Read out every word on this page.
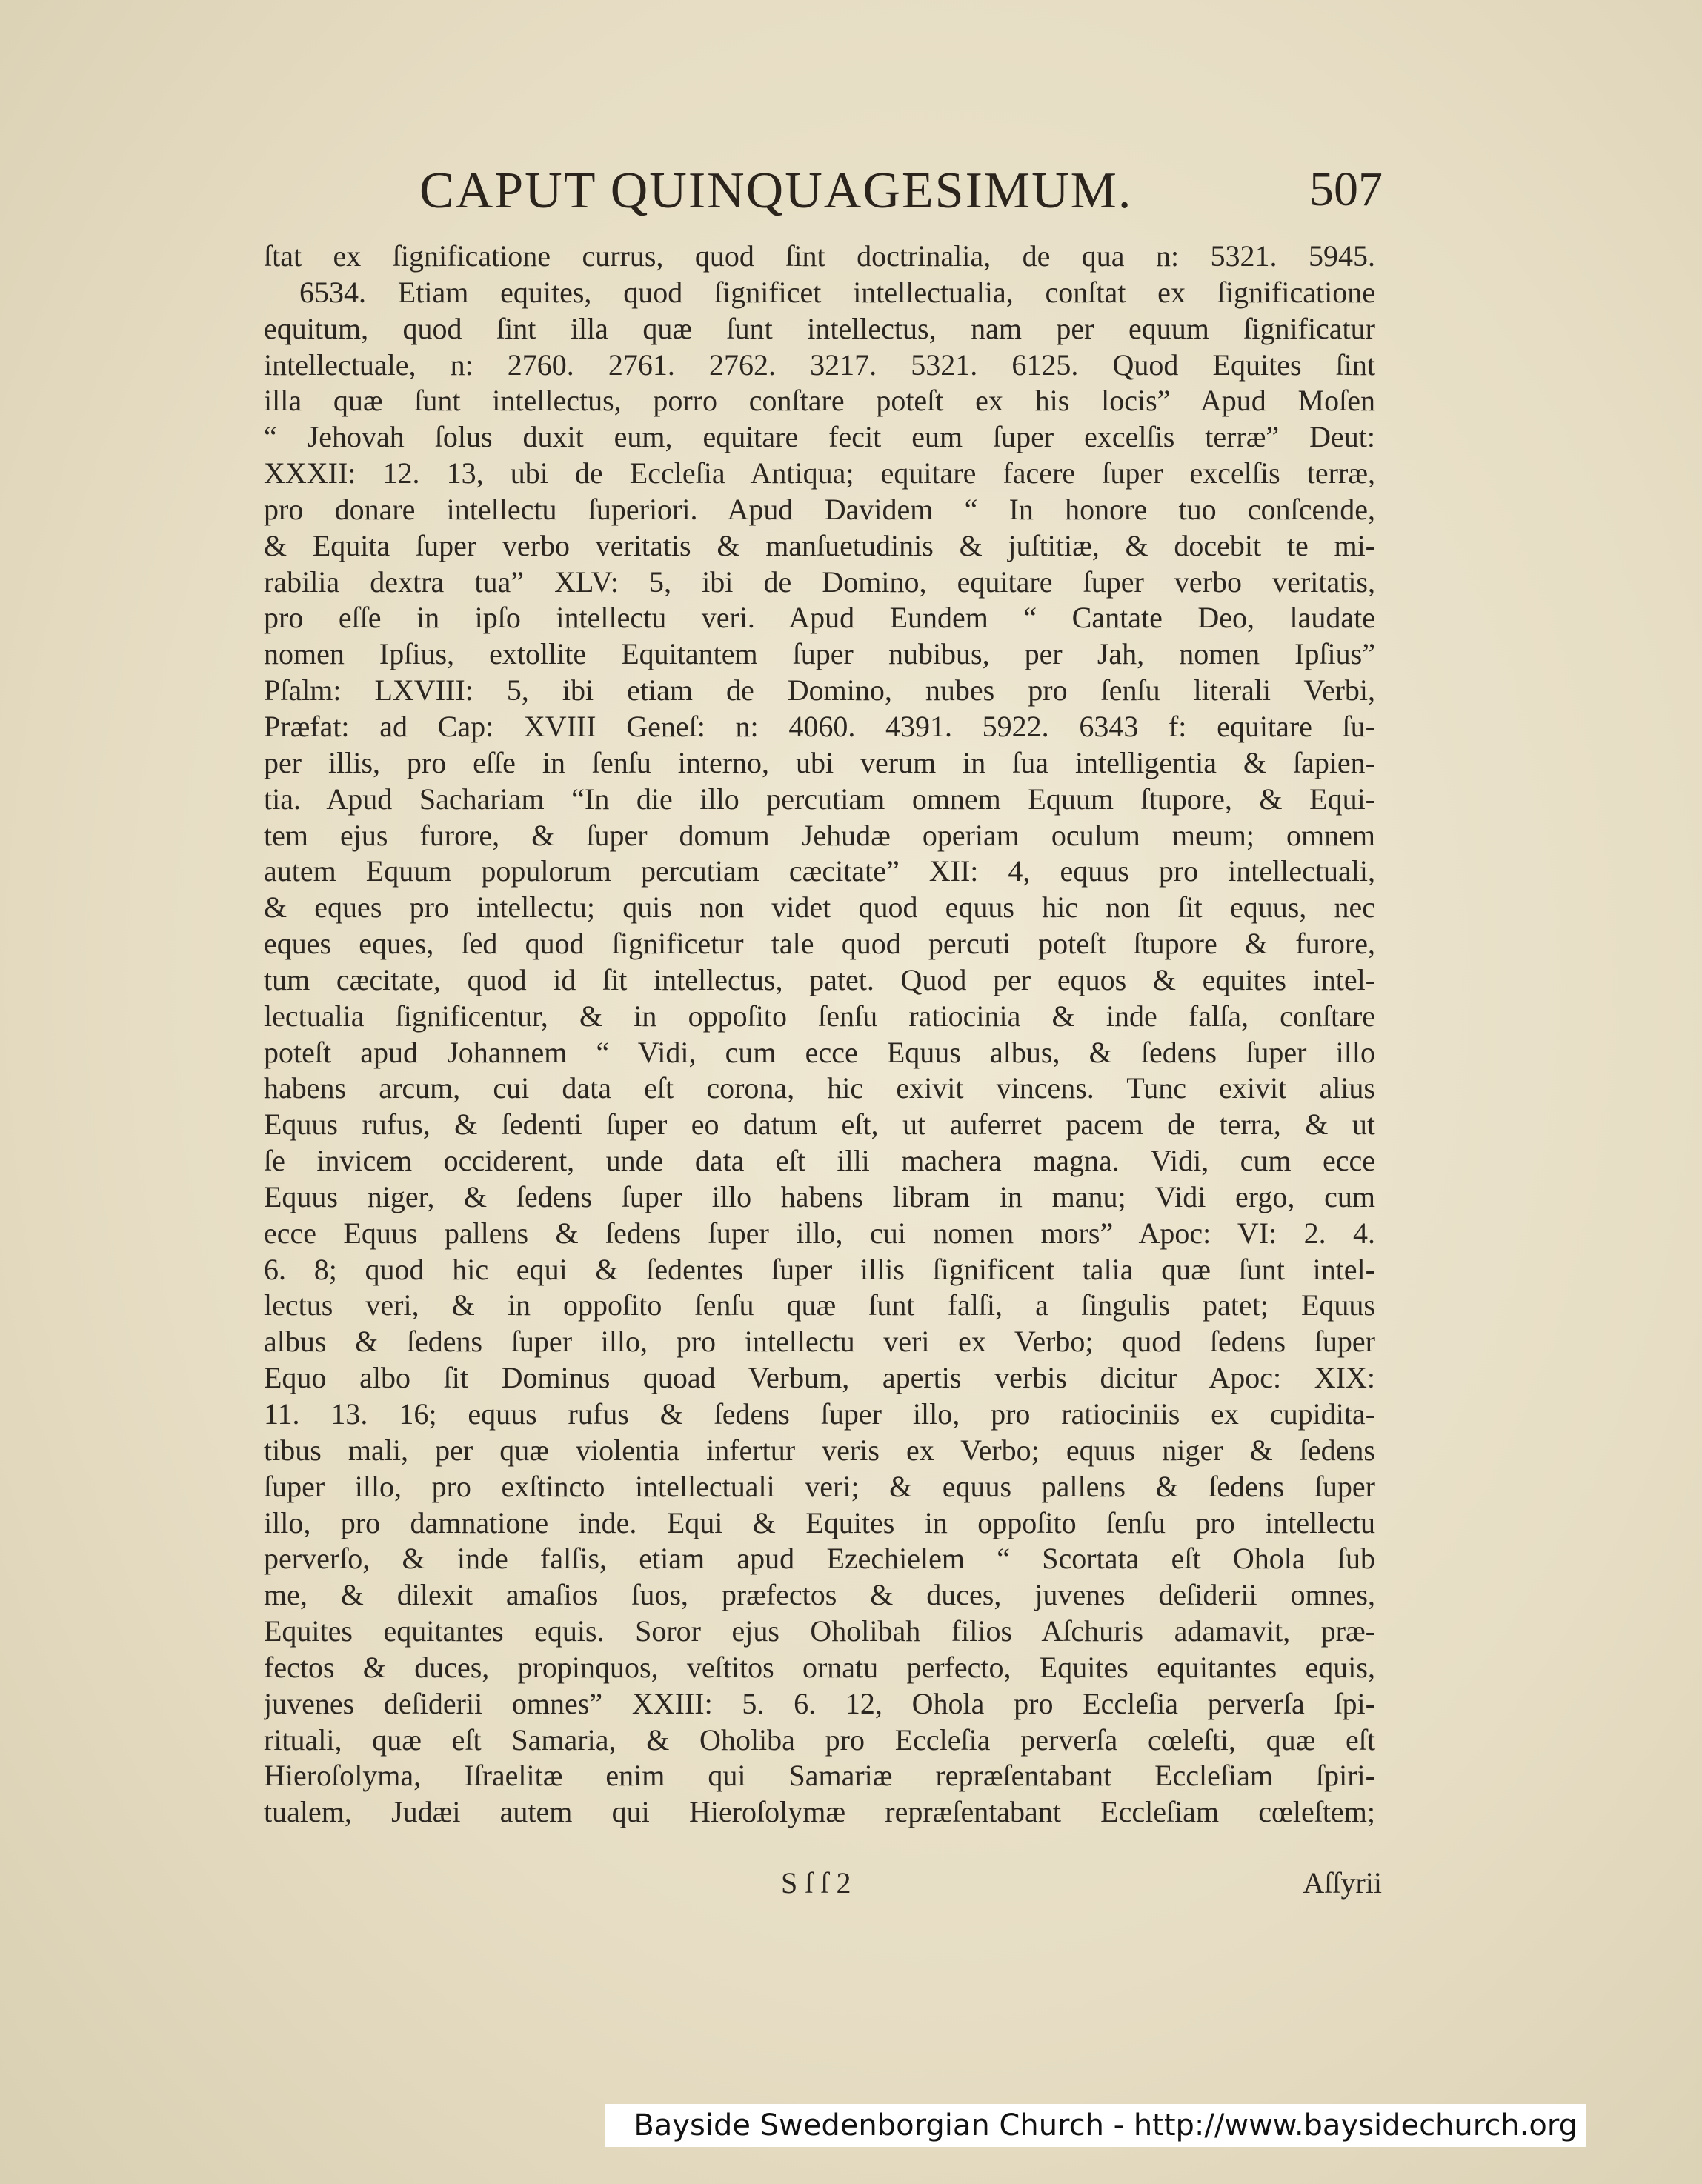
CAPUT QUINQUAGESIMUM.	507
ſtat ex ſignificatione currus, quod ſint doctrinalia, de qua n: 5321. 5945.
6534. Etiam equites, quod ſignificet intellectualia, conſtat ex ſignificatione
equitum, quod ſint illa quæ ſunt intellectus, nam per equum ſignificatur
intellectuale, n: 2760. 2761. 2762. 3217. 5321. 6125. Quod Equites ſint
illa quæ ſunt intellectus, porro conſtare poteſt ex his locis” Apud Moſen
“ Jehovah ſolus duxit eum, equitare fecit eum ſuper excelſis terræ” Deut:
XXXII: 12. 13, ubi de Eccleſia Antiqua; equitare facere ſuper excelſis terræ,
pro donare intellectu ſuperiori. Apud Davidem “ In honore tuo conſcende,
& Equita ſuper verbo veritatis & manſuetudinis & juſtitiæ, & docebit te mi-
rabilia dextra tua” XLV: 5, ibi de Domino, equitare ſuper verbo veritatis,
pro eſſe in ipſo intellectu veri. Apud Eundem “ Cantate Deo, laudate
nomen Ipſius, extollite Equitantem ſuper nubibus, per Jah, nomen Ipſius”
Pſalm: LXVIII: 5, ibi etiam de Domino, nubes pro ſenſu literali Verbi,
Præfat: ad Cap: XVIII Geneſ: n: 4060. 4391. 5922. 6343 f: equitare ſu-
per illis, pro eſſe in ſenſu interno, ubi verum in ſua intelligentia & ſapien-
tia. Apud Sachariam “In die illo percutiam omnem Equum ſtupore, & Equi-
tem ejus furore, & ſuper domum Jehudæ operiam oculum meum; omnem
autem Equum populorum percutiam cæcitate” XII: 4, equus pro intellectuali,
& eques pro intellectu; quis non videt quod equus hic non ſit equus, nec
eques eques, ſed quod ſignificetur tale quod percuti poteſt ſtupore & furore,
tum cæcitate, quod id ſit intellectus, patet. Quod per equos & equites intel-
lectualia ſignificentur, & in oppoſito ſenſu ratiocinia & inde falſa, conſtare
poteſt apud Johannem “ Vidi, cum ecce Equus albus, & ſedens ſuper illo
habens arcum, cui data eſt corona, hic exivit vincens. Tunc exivit alius
Equus rufus, & ſedenti ſuper eo datum eſt, ut auferret pacem de terra, & ut
ſe invicem occiderent, unde data eſt illi machera magna. Vidi, cum ecce
Equus niger, & ſedens ſuper illo habens libram in manu; Vidi ergo, cum
ecce Equus pallens & ſedens ſuper illo, cui nomen mors” Apoc: VI: 2. 4.
6. 8; quod hic equi & ſedentes ſuper illis ſignificent talia quæ ſunt intel-
lectus veri, & in oppoſito ſenſu quæ ſunt falſi, a ſingulis patet; Equus
albus & ſedens ſuper illo, pro intellectu veri ex Verbo; quod ſedens ſuper
Equo albo ſit Dominus quoad Verbum, apertis verbis dicitur Apoc: XIX:
11. 13. 16; equus rufus & ſedens ſuper illo, pro ratiociniis ex cupidita-
tibus mali, per quæ violentia infertur veris ex Verbo; equus niger & ſedens
ſuper illo, pro exſtincto intellectuali veri; & equus pallens & ſedens ſuper
illo, pro damnatione inde. Equi & Equites in oppoſito ſenſu pro intellectu
perverſo, & inde falſis, etiam apud Ezechielem “ Scortata eſt Ohola ſub
me, & dilexit amaſios ſuos, præfectos & duces, juvenes deſiderii omnes,
Equites equitantes equis. Soror ejus Oholibah filios Aſchuris adamavit, præ-
fectos & duces, propinquos, veſtitos ornatu perfecto, Equites equitantes equis,
juvenes deſiderii omnes” XXIII: 5. 6. 12, Ohola pro Eccleſia perverſa ſpi-
rituali, quæ eſt Samaria, & Oholiba pro Eccleſia perverſa cœleſti, quæ eſt
Hieroſolyma, Iſraelitæ enim qui Samariæ repræſentabant Eccleſiam ſpiri-
tualem, Judæi autem qui Hieroſolymæ repræſentabant Eccleſiam cœleſtem;
S ſ ſ 2	Aſſyrii
Bayside Swedenborgian Church - http://www.baysidechurch.org
